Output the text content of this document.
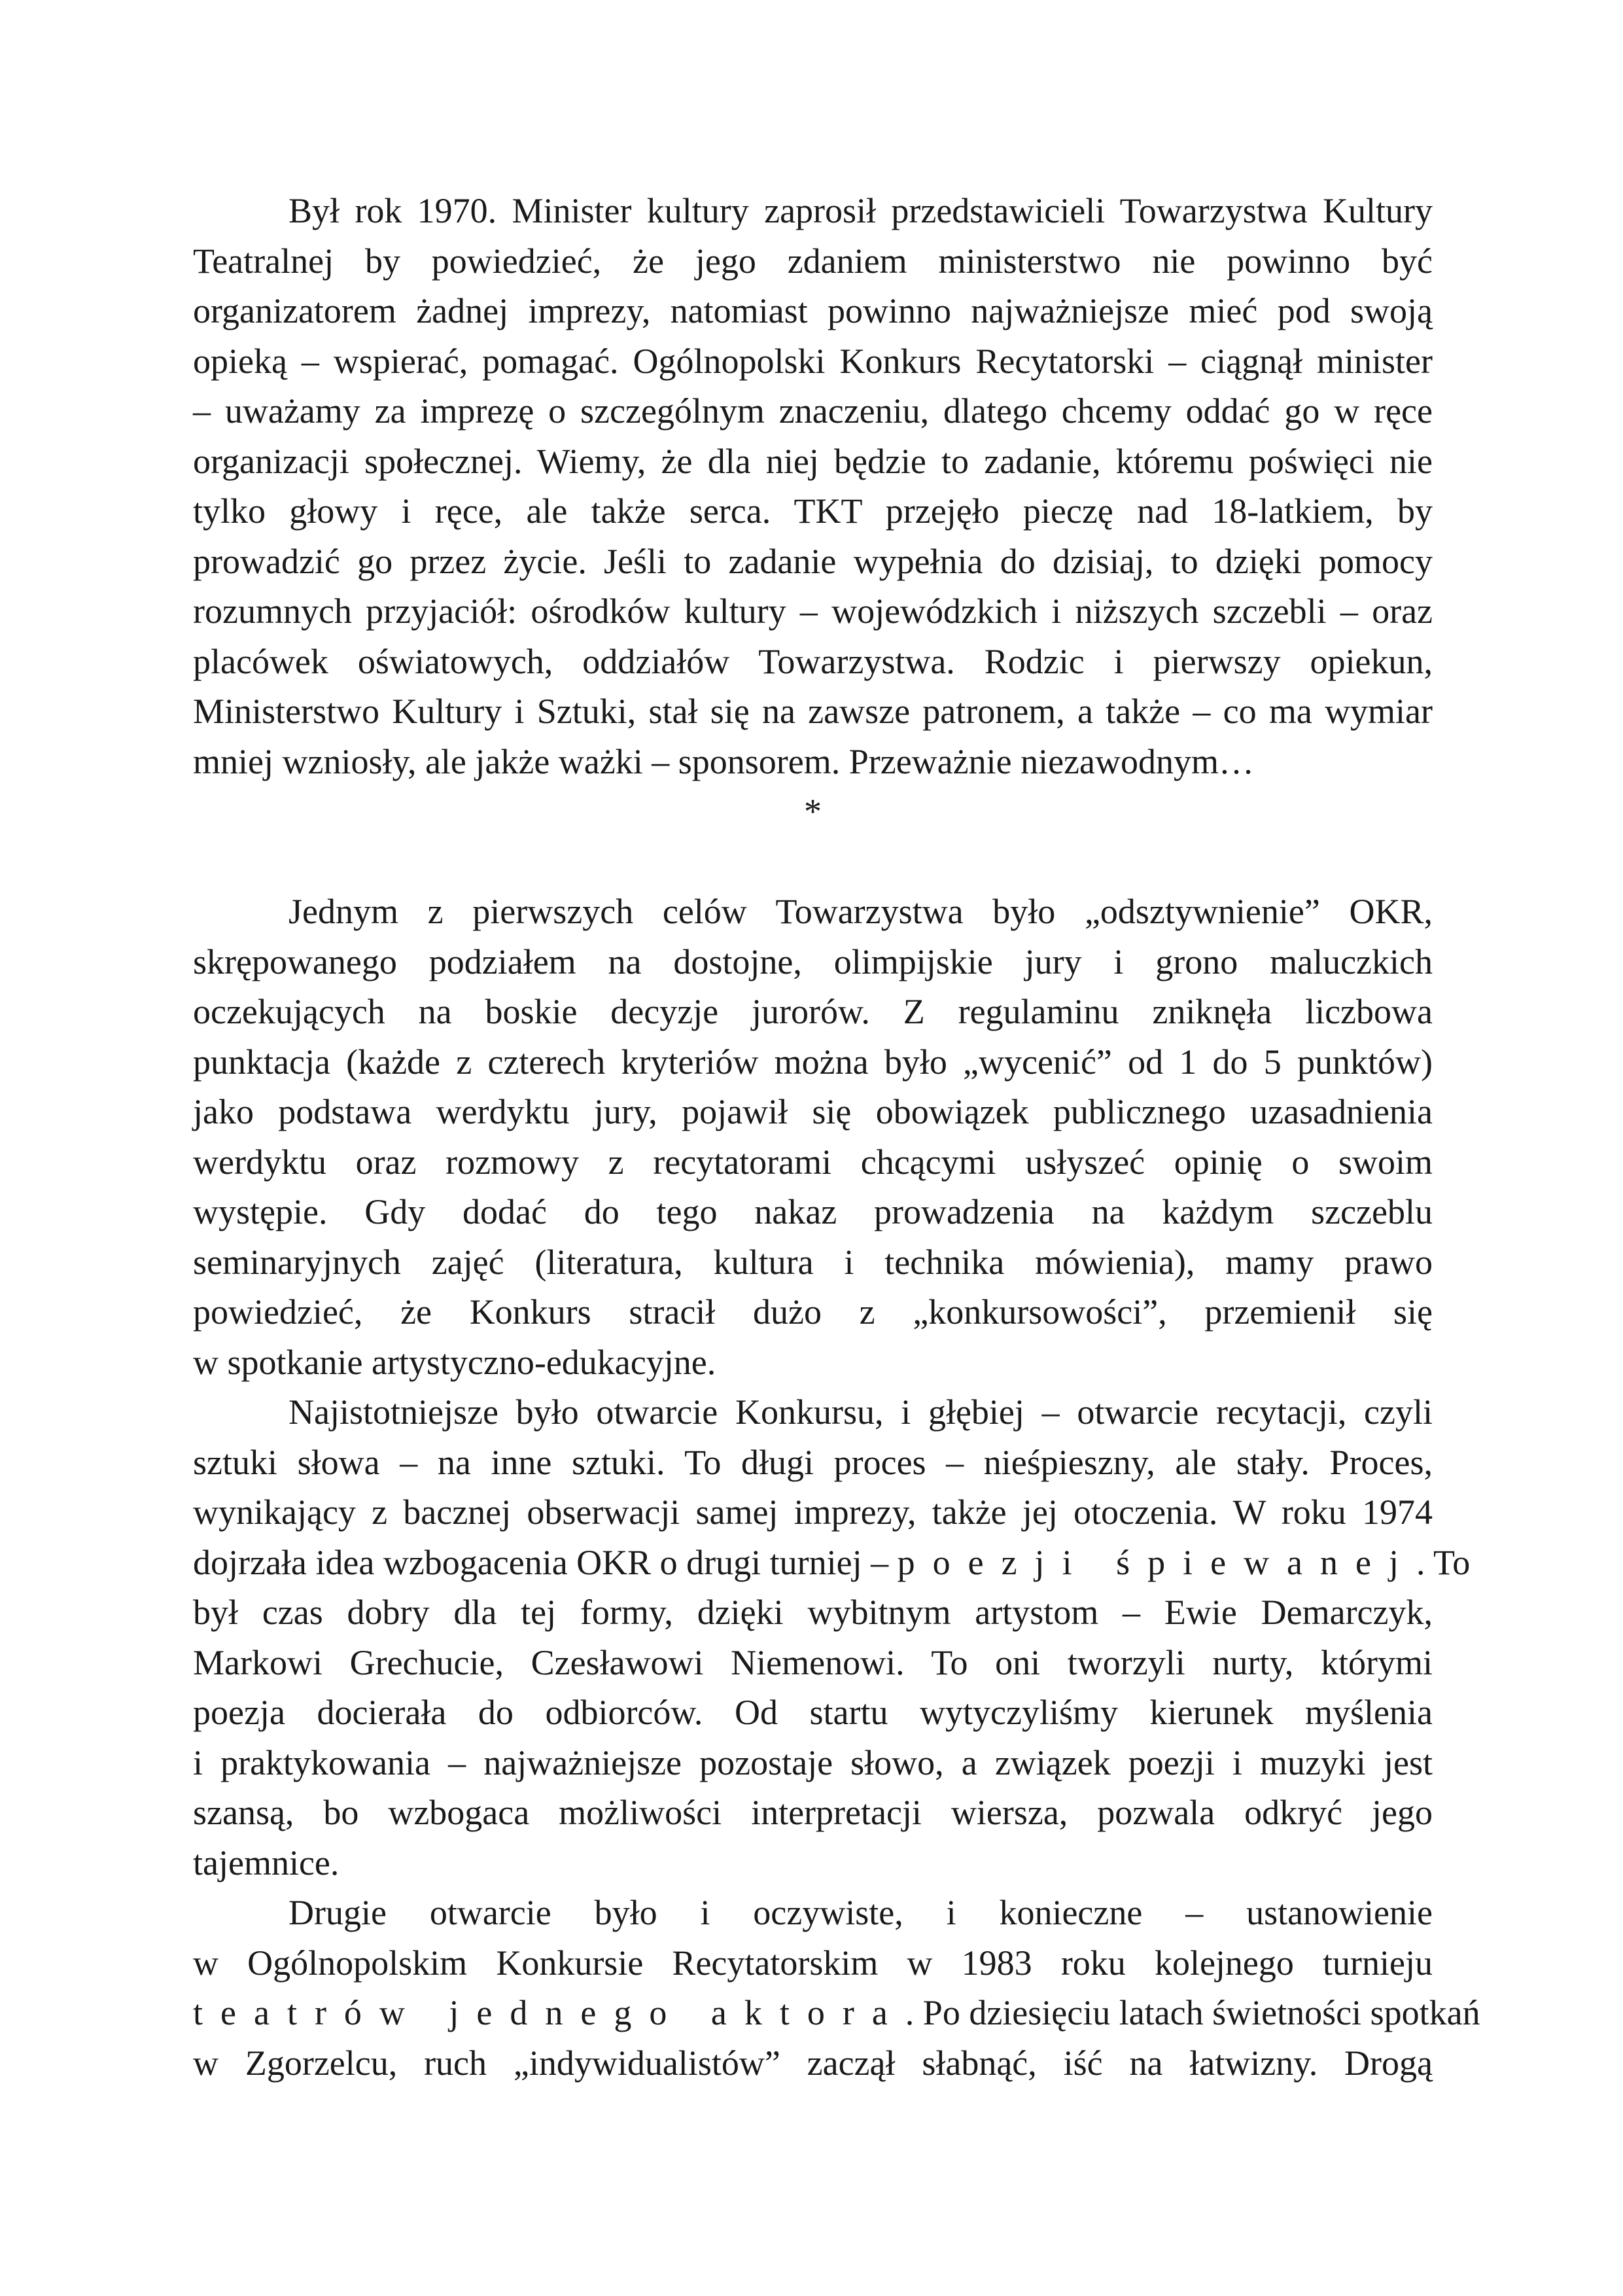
Był rok 1970. Minister kultury zaprosił przedstawicieli Towarzystwa Kultury
Teatralnej by powiedzieć, że jego zdaniem ministerstwo nie powinno być
organizatorem żadnej imprezy, natomiast powinno najważniejsze mieć pod swoją
opieką – wspierać, pomagać. Ogólnopolski Konkurs Recytatorski – ciągnął minister
– uważamy za imprezę o szczególnym znaczeniu, dlatego chcemy oddać go w ręce
organizacji społecznej. Wiemy, że dla niej będzie to zadanie, któremu poświęci nie
tylko głowy i ręce, ale także serca. TKT przejęło pieczę nad 18-latkiem, by
prowadzić go przez życie. Jeśli to zadanie wypełnia do dzisiaj, to dzięki pomocy
rozumnych przyjaciół: ośrodków kultury – wojewódzkich i niższych szczebli – oraz
placówek oświatowych, oddziałów Towarzystwa. Rodzic i pierwszy opiekun,
Ministerstwo Kultury i Sztuki, stał się na zawsze patronem, a także – co ma wymiar
mniej wzniosły, ale jakże ważki – sponsorem. Przeważnie niezawodnym…
*
Jednym z pierwszych celów Towarzystwa było „odsztywnienie” OKR,
skrępowanego podziałem na dostojne, olimpijskie jury i grono maluczkich
oczekujących na boskie decyzje jurorów. Z regulaminu zniknęła liczbowa
punktacja (każde z czterech kryteriów można było „wycenić” od 1 do 5 punktów)
jako podstawa werdyktu jury, pojawił się obowiązek publicznego uzasadnienia
werdyktu oraz rozmowy z recytatorami chcącymi usłyszeć opinię o swoim
występie. Gdy dodać do tego nakaz prowadzenia na każdym szczeblu
seminaryjnych zajęć (literatura, kultura i technika mówienia), mamy prawo
powiedzieć, że Konkurs stracił dużo z „konkursowości”, przemienił się
w spotkanie artystyczno-edukacyjne.
Najistotniejsze było otwarcie Konkursu, i głębiej – otwarcie recytacji, czyli
sztuki słowa – na inne sztuki. To długi proces – nieśpieszny, ale stały. Proces,
wynikający z bacznej obserwacji samej imprezy, także jej otoczenia. W roku 1974
dojrzała idea wzbogacenia OKR o drugi turniej – poezji śpiewanej. To
był czas dobry dla tej formy, dzięki wybitnym artystom – Ewie Demarczyk,
Markowi Grechucie, Czesławowi Niemenowi. To oni tworzyli nurty, którymi
poezja docierała do odbiorców. Od startu wytyczyliśmy kierunek myślenia
i praktykowania – najważniejsze pozostaje słowo, a związek poezji i muzyki jest
szansą, bo wzbogaca możliwości interpretacji wiersza, pozwala odkryć jego
tajemnice.
Drugie otwarcie było i oczywiste, i konieczne – ustanowienie
w Ogólnopolskim Konkursie Recytatorskim w 1983 roku kolejnego turnieju
teatrów jednego aktora. Po dziesięciu latach świetności spotkań
w Zgorzelcu, ruch „indywidualistów” zaczął słabnąć, iść na łatwizny. Drogą
